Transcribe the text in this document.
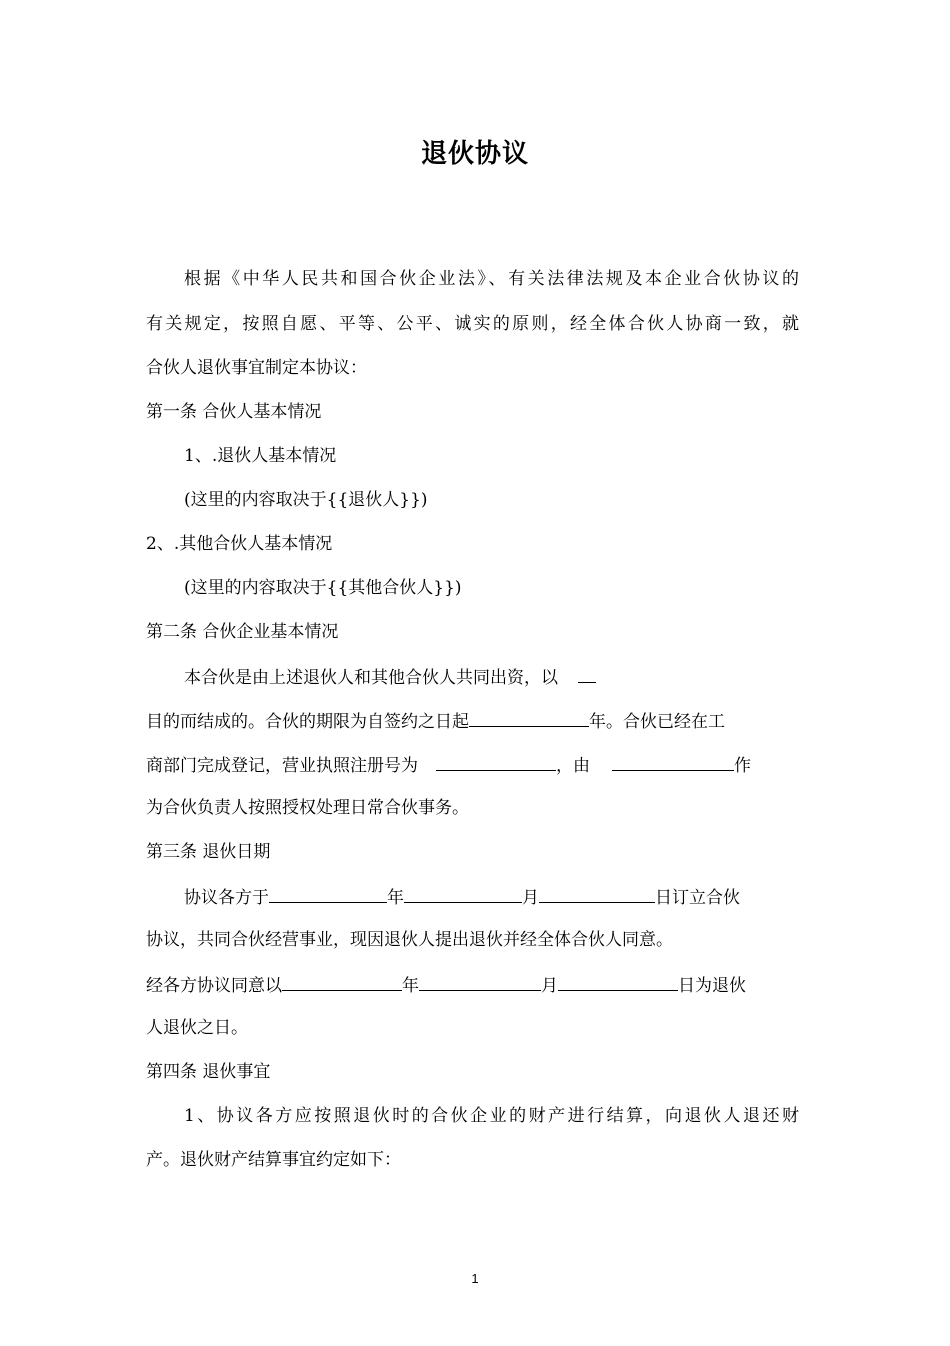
退伙协议
根据《中华人民共和国合伙企业法》、有关法律法规及本企业合伙协议的
有关规定，按照自愿、平等、公平、诚实的原则，经全体合伙人协商一致，就
合伙人退伙事宜制定本协议：
第一条 合伙人基本情况
1、.退伙人基本情况
(这里的内容取决于{{退伙人}})
2、.其他合伙人基本情况
(这里的内容取决于{{其他合伙人}})
第二条 合伙企业基本情况
本合伙是由上述退伙人和其他合伙人共同出资，以
目的而结成的。合伙的期限为自签约之日起	年。合伙已经在工
商部门完成登记，营业执照注册号为	，由	作
为合伙负责人按照授权处理日常合伙事务。
第三条 退伙日期
协议各方于	年	月	日订立合伙
协议，共同合伙经营事业，现因退伙人提出退伙并经全体合伙人同意。
经各方协议同意以	年	月	日为退伙
人退伙之日。
第四条 退伙事宜
1、协议各方应按照退伙时的合伙企业的财产进行结算，向退伙人退还财
产。退伙财产结算事宜约定如下：
1
